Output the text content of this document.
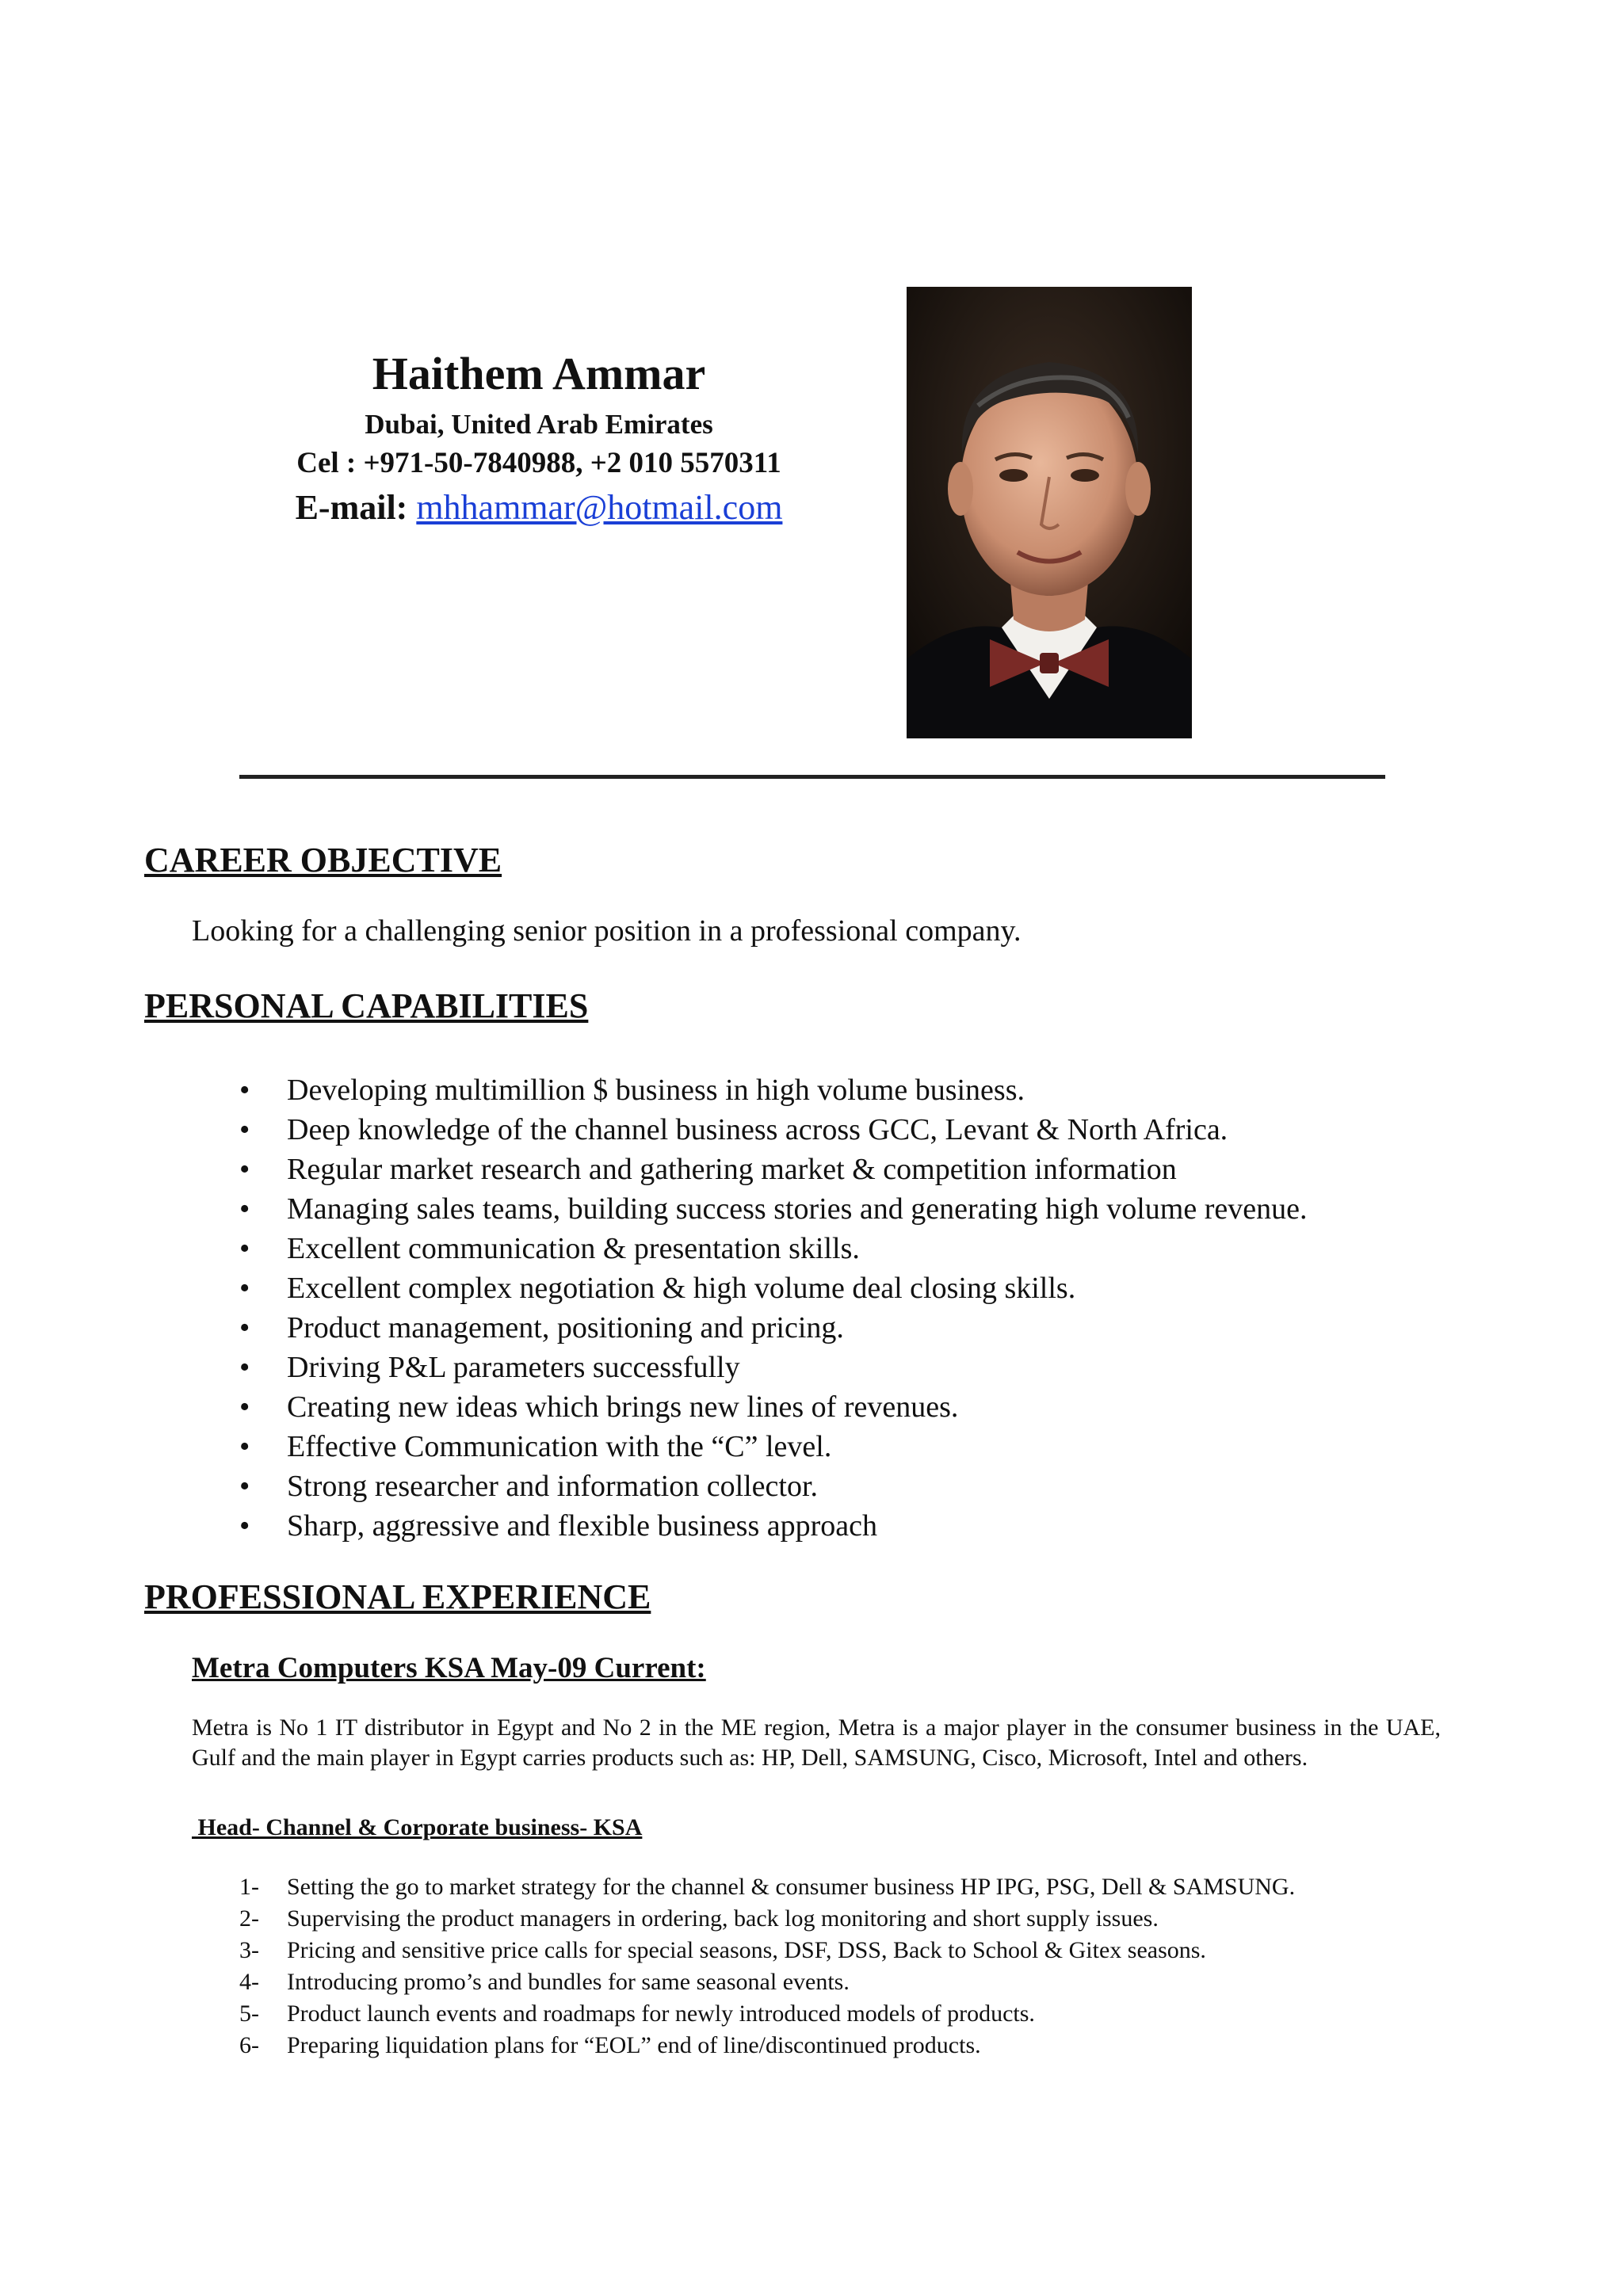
Haithem Ammar
Dubai, United Arab Emirates
Cel : +971-50-7840988, +2 010 5570311
E-mail: mhhammar@hotmail.com
CAREER OBJECTIVE
Looking for a challenging senior position in a professional company.
PERSONAL CAPABILITIES
•	Developing multimillion $ business in high volume business.
•	Deep knowledge of the channel business across GCC, Levant & North Africa.
•	Regular market research and gathering market & competition information
•	Managing sales teams, building success stories and generating high volume revenue.
•	Excellent communication & presentation skills.
•	Excellent complex negotiation & high volume deal closing skills.
•	Product management, positioning and pricing.
•	Driving P&L parameters successfully
•	Creating new ideas which brings new lines of revenues.
•	Effective Communication with the “C” level.
•	Strong researcher and information collector.
•	Sharp, aggressive and flexible business approach
PROFESSIONAL EXPERIENCE
Metra Computers KSA May-09 Current:
Metra is No 1 IT distributor in Egypt and No 2 in the ME region, Metra is a major player in the consumer business in the UAE, Gulf and the main player in Egypt carries products such as: HP, Dell, SAMSUNG, Cisco, Microsoft, Intel and others.
Head- Channel & Corporate business- KSA
1-	Setting the go to market strategy for the channel & consumer business HP IPG, PSG, Dell & SAMSUNG.
2-	Supervising the product managers in ordering, back log monitoring and short supply issues.
3-	Pricing and sensitive price calls for special seasons, DSF, DSS, Back to School & Gitex seasons.
4-	Introducing promo’s and bundles for same seasonal events.
5-	Product launch events and roadmaps for newly introduced models of products.
6-	Preparing liquidation plans for “EOL” end of line/discontinued products.
